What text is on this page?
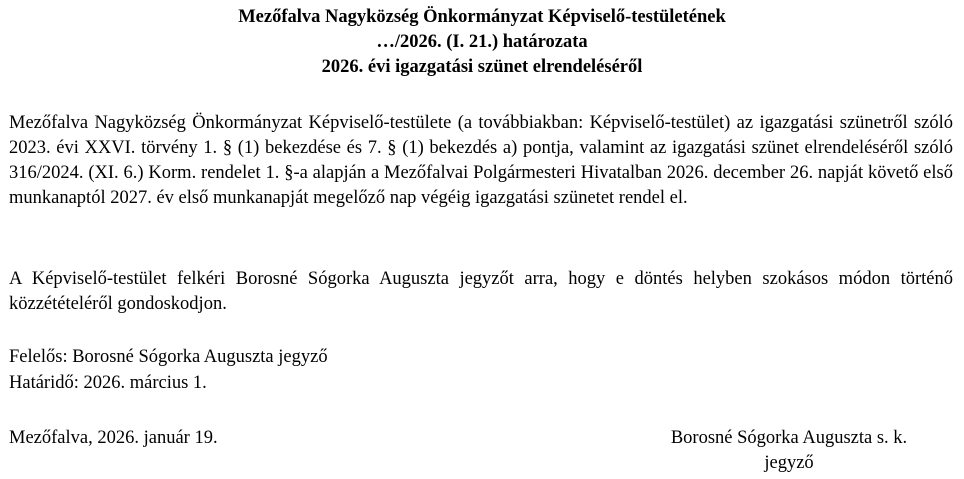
Mezőfalva Nagyközség Önkormányzat Képviselő-testületének
…/2026. (I. 21.) határozata
2026. évi igazgatási szünet elrendeléséről

Mezőfalva Nagyközség Önkormányzat Képviselő-testülete (a továbbiakban: Képviselő-testület) az igazgatási szünetről szóló 2023. évi XXVI. törvény 1. § (1) bekezdése és 7. § (1) bekezdés a) pontja, valamint az igazgatási szünet elrendeléséről szóló 316/2024. (XI. 6.) Korm. rendelet 1. §-a alapján a Mezőfalvai Polgármesteri Hivatalban 2026. december 26. napját követő első munkanaptól 2027. év első munkanapját megelőző nap végéig igazgatási szünetet rendel el.

A Képviselő-testület felkéri Borosné Sógorka Auguszta jegyzőt arra, hogy e döntés helyben szokásos módon történő közzétételéről gondoskodjon.

Felelős: Borosné Sógorka Auguszta jegyző
Határidő: 2026. március 1.
Mezőfalva, 2026. január 19.	Borosné Sógorka Auguszta s. k.
jegyző
